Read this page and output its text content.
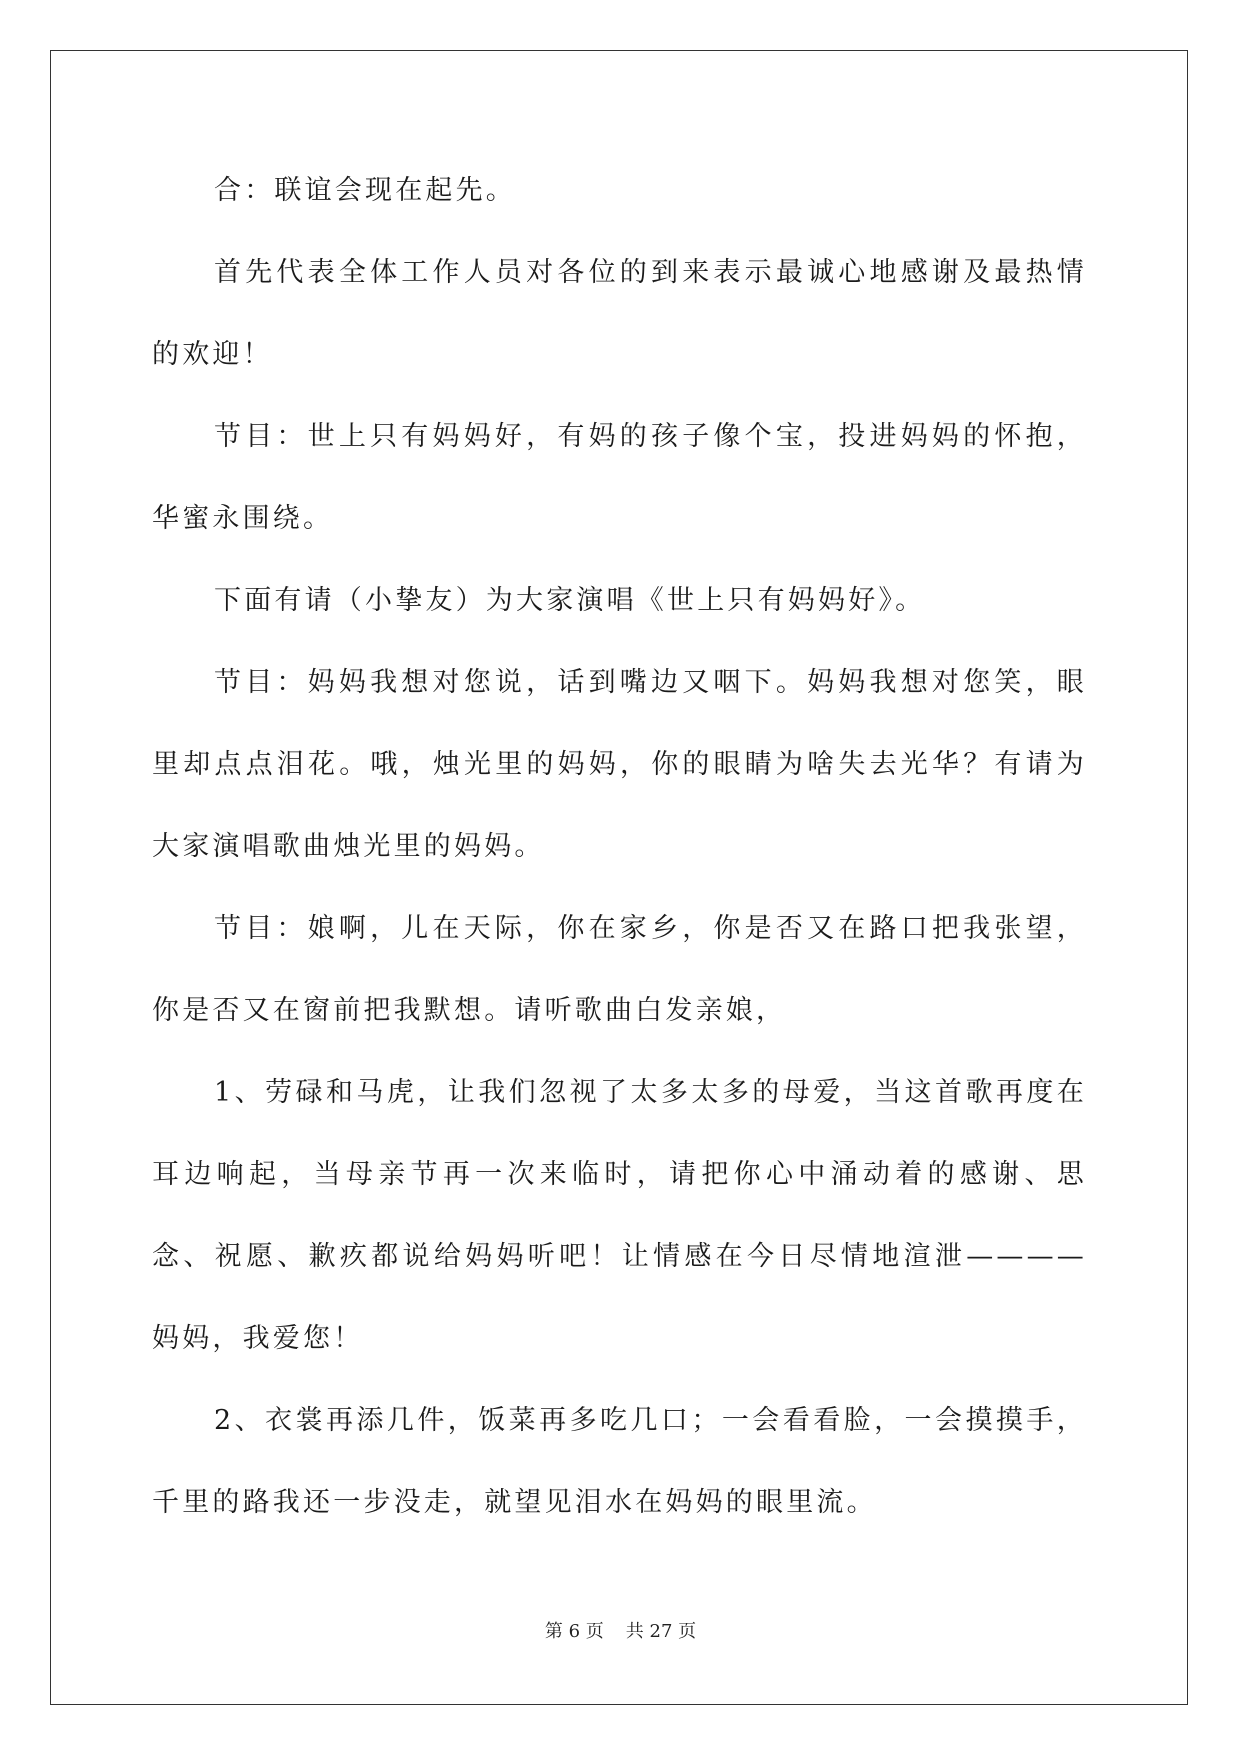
合：联谊会现在起先。

首先代表全体工作人员对各位的到来表示最诚心地感谢及最热情的欢迎！

节目：世上只有妈妈好，有妈的孩子像个宝，投进妈妈的怀抱，华蜜永围绕。

下面有请（小挚友）为大家演唱《世上只有妈妈好》。

节目：妈妈我想对您说，话到嘴边又咽下。妈妈我想对您笑，眼里却点点泪花。哦，烛光里的妈妈，你的眼睛为啥失去光华？有请为大家演唱歌曲烛光里的妈妈。

节目：娘啊，儿在天际，你在家乡，你是否又在路口把我张望，你是否又在窗前把我默想。请听歌曲白发亲娘，

1、劳碌和马虎，让我们忽视了太多太多的母爱，当这首歌再度在耳边响起，当母亲节再一次来临时，请把你心中涌动着的感谢、思念、祝愿、歉疚都说给妈妈听吧！让情感在今日尽情地渲泄————妈妈，我爱您！

2、衣裳再添几件，饭菜再多吃几口；一会看看脸，一会摸摸手，千里的路我还一步没走，就望见泪水在妈妈的眼里流。

第 6 页 共 27 页
